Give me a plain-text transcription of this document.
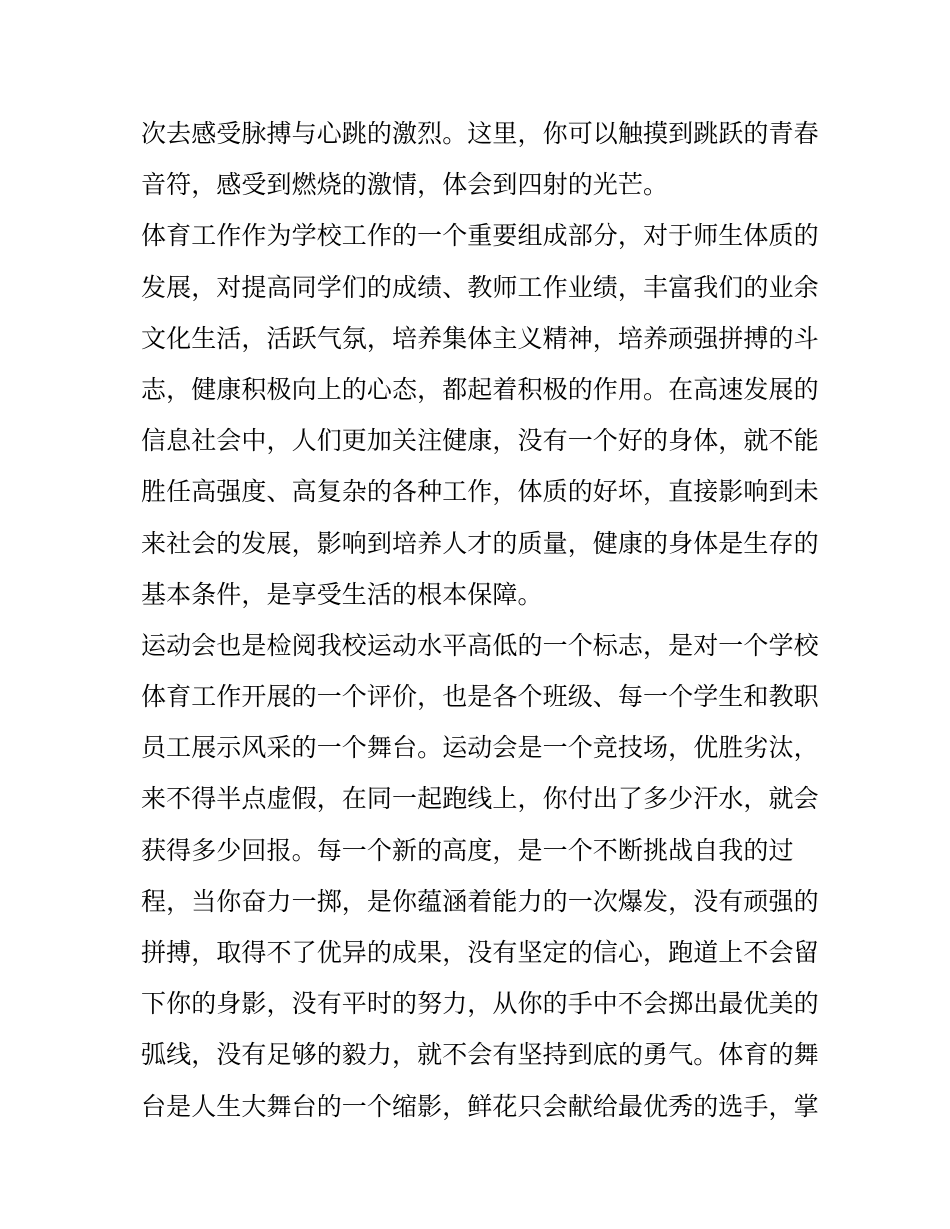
次去感受脉搏与心跳的激烈。这里，你可以触摸到跳跃的青春
音符，感受到燃烧的激情，体会到四射的光芒。
体育工作作为学校工作的一个重要组成部分，对于师生体质的
发展，对提高同学们的成绩、教师工作业绩，丰富我们的业余
文化生活，活跃气氛，培养集体主义精神，培养顽强拼搏的斗
志，健康积极向上的心态，都起着积极的作用。在高速发展的
信息社会中，人们更加关注健康，没有一个好的身体，就不能
胜任高强度、高复杂的各种工作，体质的好坏，直接影响到未
来社会的发展，影响到培养人才的质量，健康的身体是生存的
基本条件，是享受生活的根本保障。
运动会也是检阅我校运动水平高低的一个标志，是对一个学校
体育工作开展的一个评价，也是各个班级、每一个学生和教职
员工展示风采的一个舞台。运动会是一个竞技场，优胜劣汰，
来不得半点虚假，在同一起跑线上，你付出了多少汗水，就会
获得多少回报。每一个新的高度，是一个不断挑战自我的过
程，当你奋力一掷，是你蕴涵着能力的一次爆发，没有顽强的
拼搏，取得不了优异的成果，没有坚定的信心，跑道上不会留
下你的身影，没有平时的努力，从你的手中不会掷出最优美的
弧线，没有足够的毅力，就不会有坚持到底的勇气。体育的舞
台是人生大舞台的一个缩影，鲜花只会献给最优秀的选手，掌
